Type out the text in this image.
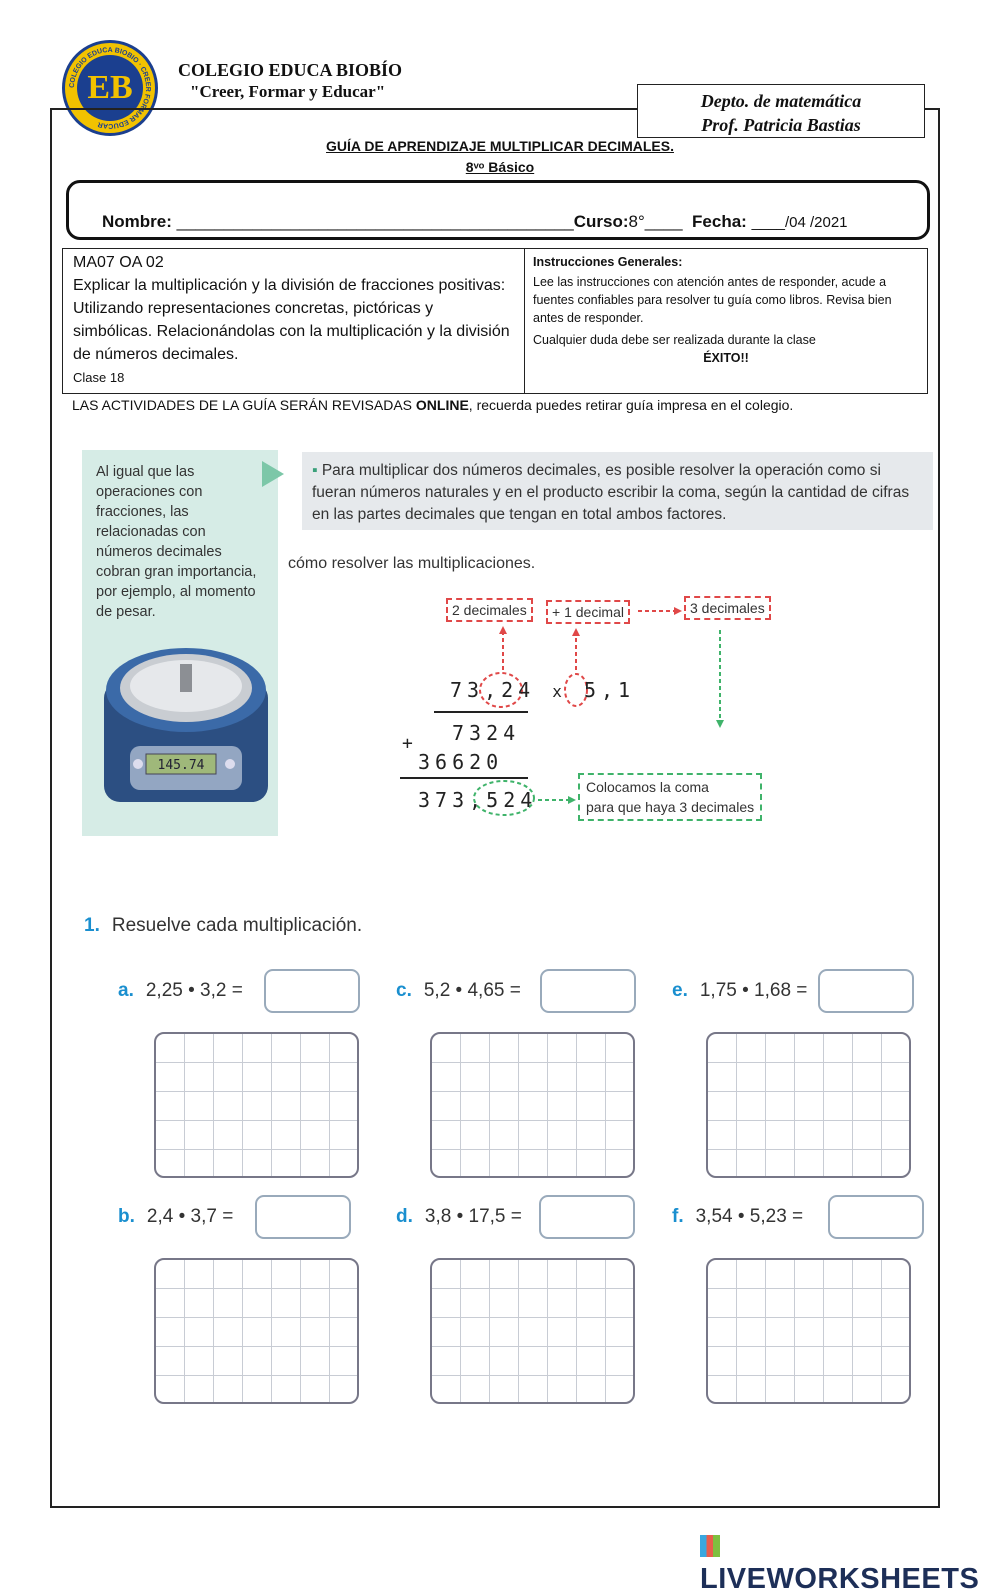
EB
COLEGIO EDUCA BIOBIO · CREER FORMAR EDUCAR
COLEGIO EDUCA BIOBÍO
"Creer, Formar y Educar"	Depto. de matemática
Prof. Patricia Bastias
GUÍA DE APRENDIZAJE MULTIPLICAR DECIMALES.
8ᵛᵒ Básico
Nombre: __________________________________________Curso:8°____ Fecha: ____/04 /2021
MA07 OA 02
Explicar la multiplicación y la división de fracciones positivas: Utilizando representaciones concretas, pictóricas y simbólicas. Relacionándolas con la multiplicación y la división de números decimales.
Clase 18
Instrucciones Generales:
Lee las instrucciones con atención antes de responder, acude a fuentes confiables para resolver tu guía como libros. Revisa bien antes de responder.
Cualquier duda debe ser realizada durante la clase
ÉXITO!!
LAS ACTIVIDADES DE LA GUÍA SERÁN REVISADAS ONLINE, recuerda puedes retirar guía impresa en el colegio.
Al igual que las operaciones con fracciones, las relacionadas con números decimales cobran gran importancia, por ejemplo, al momento de pesar.
145.74
▪ Para multiplicar dos números decimales, es posible resolver la operación como si fueran números naturales y en el producto escribir la coma, según la cantidad de cifras en las partes decimales que tengan en total ambos factores.
cómo resolver las multiplicaciones.
2 decimales	+ 1 decimal	3 decimales
73,24 x 5,1
7324
+
36620
373,524
Colocamos la coma
para que haya 3 decimales
1. Resuelve cada multiplicación.
a. 2,25 • 3,2 =	c. 5,2 • 4,65 =	e. 1,75 • 1,68 =
b. 2,4 • 3,7 =	d. 3,8 • 17,5 =	f. 3,54 • 5,23 =
LIVEWORKSHEETS
